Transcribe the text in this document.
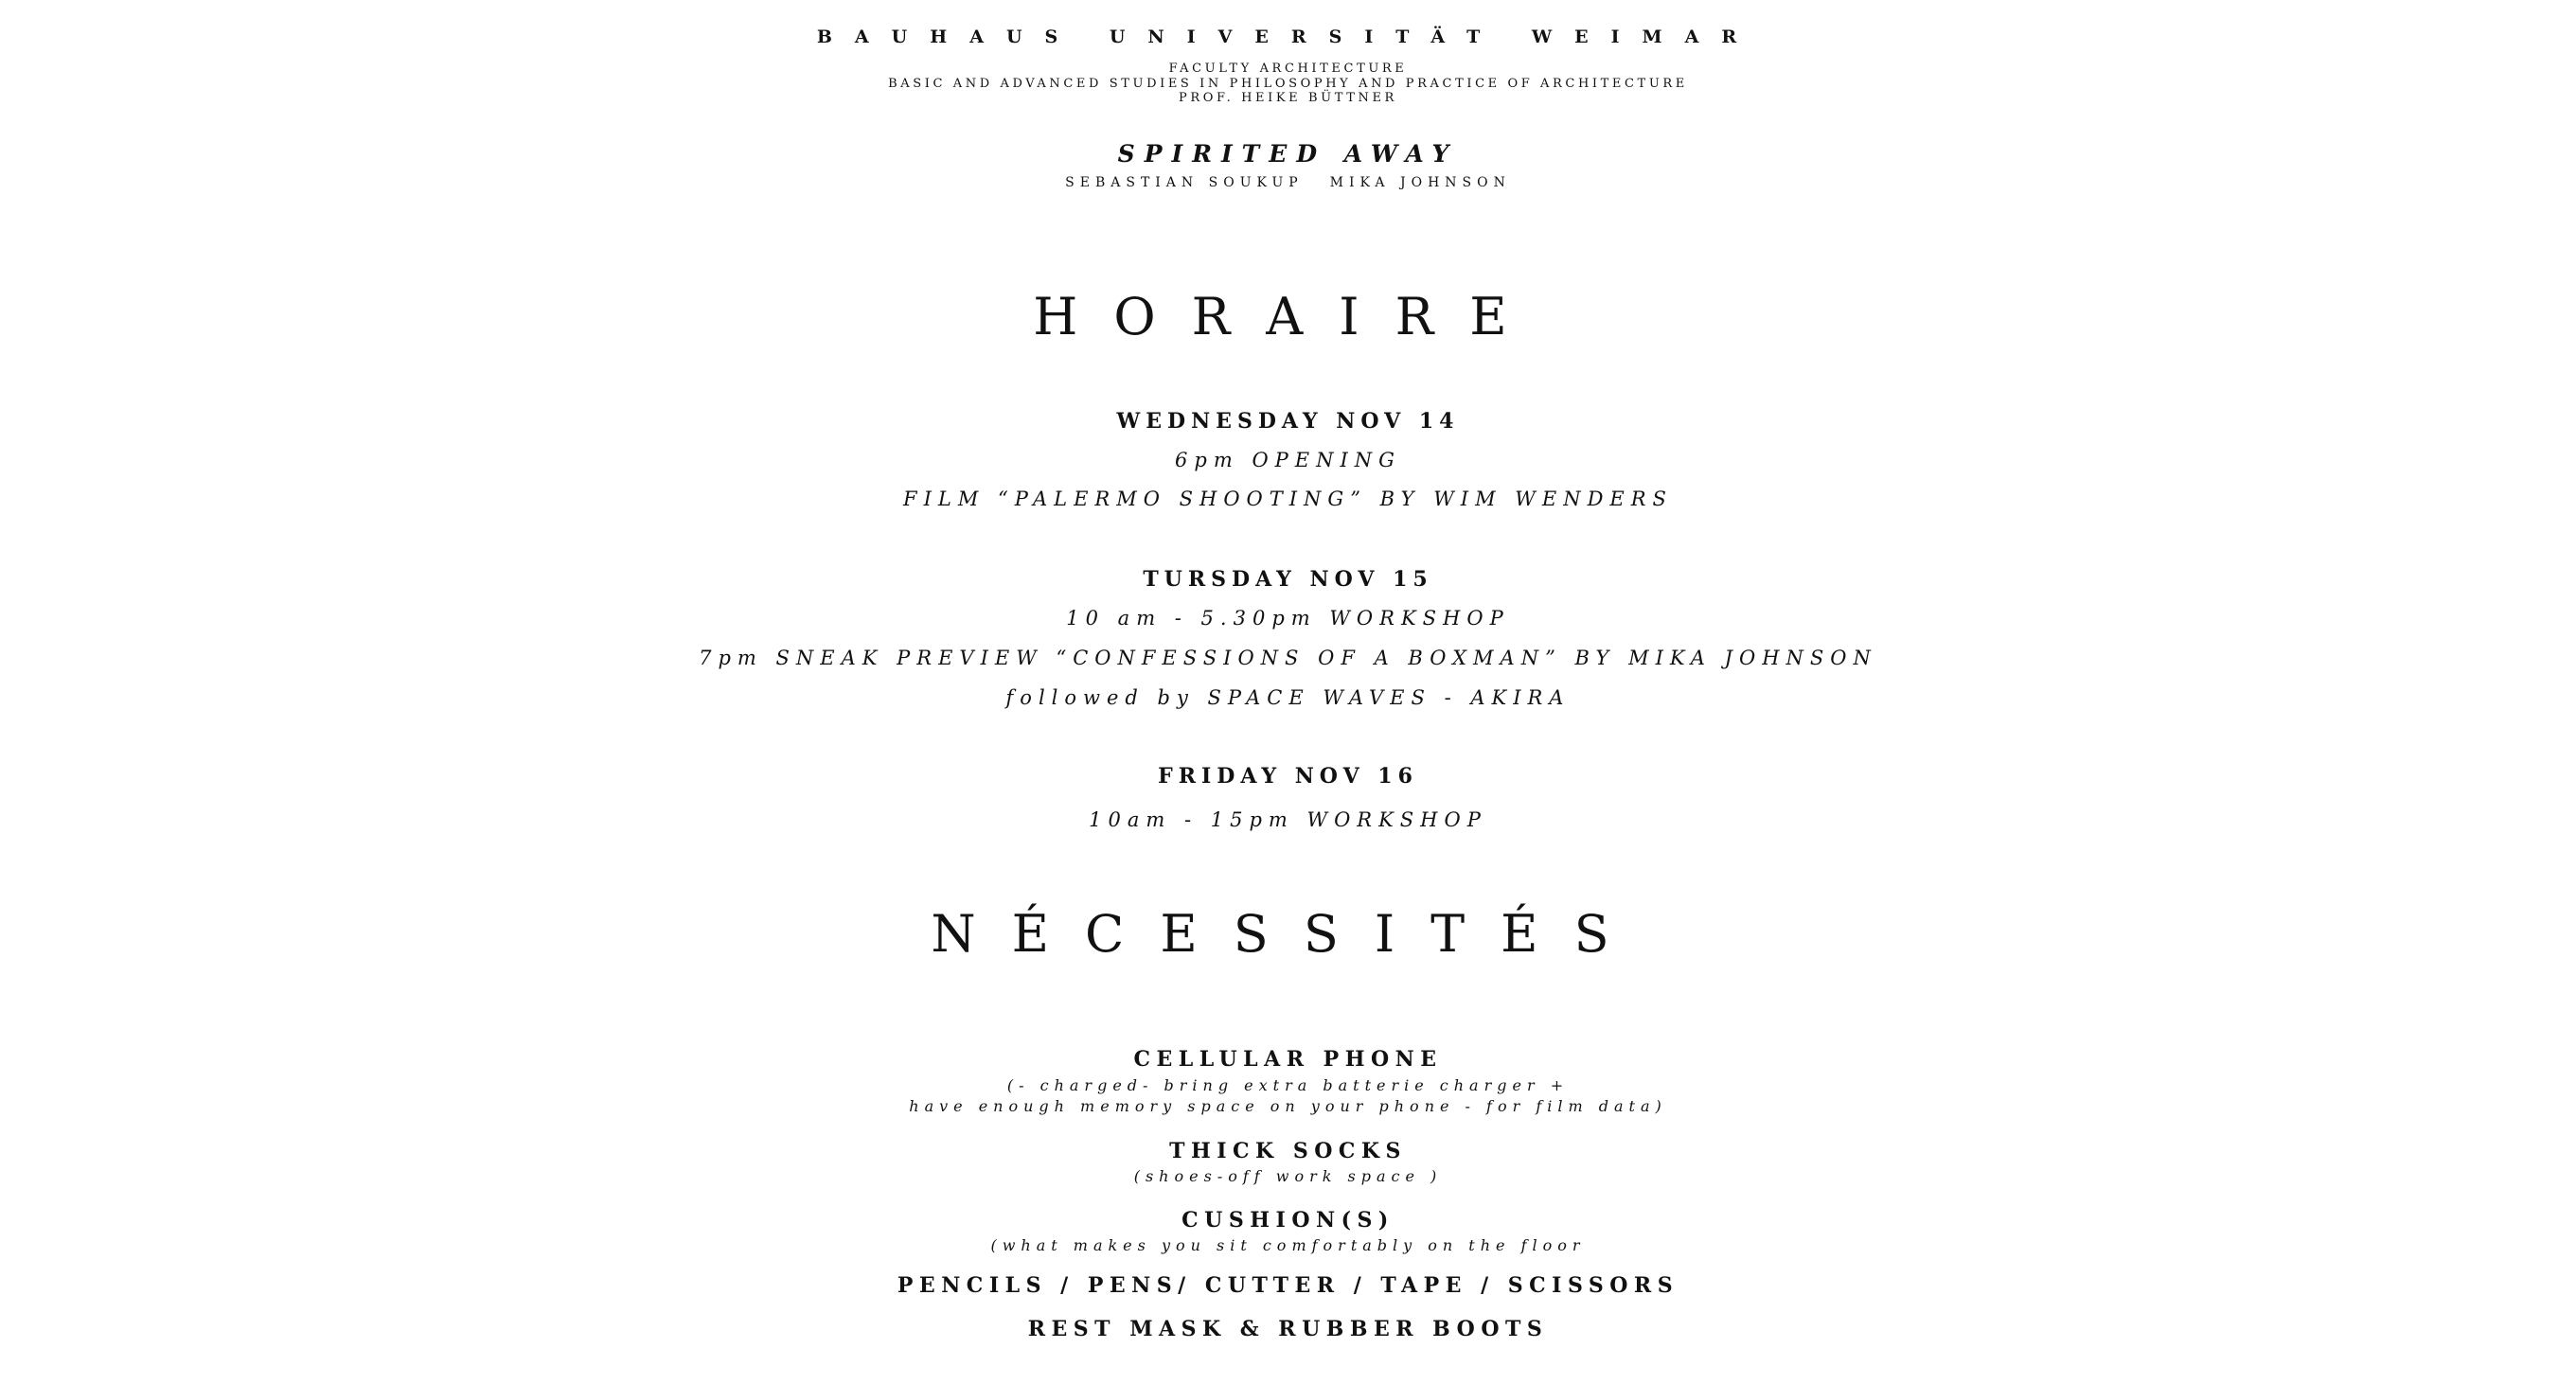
BAUHAUS UNIVERSITÄT WEIMAR
FACULTY ARCHITECTURE
BASIC AND ADVANCED STUDIES IN PHILOSOPHY AND PRACTICE OF ARCHITECTURE
PROF. HEIKE BÜTTNER
SPIRITED AWAY
SEBASTIAN SOUKUP MIKA JOHNSON
HORAIRE
WEDNESDAY NOV 14
6pm OPENING
FILM “PALERMO SHOOTING” BY WIM WENDERS
TURSDAY NOV 15
10 am - 5.30pm WORKSHOP
7pm SNEAK PREVIEW “CONFESSIONS OF A BOXMAN” BY MIKA JOHNSON
followed by SPACE WAVES - AKIRA
FRIDAY NOV 16
10am - 15pm WORKSHOP
NÉCESSITÉS
CELLULAR PHONE
(- charged- bring extra batterie charger +
have enough memory space on your phone - for film data)
THICK SOCKS
(shoes-off work space )
CUSHION(S)
(what makes you sit comfortably on the floor
PENCILS / PENS/ CUTTER / TAPE / SCISSORS
REST MASK & RUBBER BOOTS
